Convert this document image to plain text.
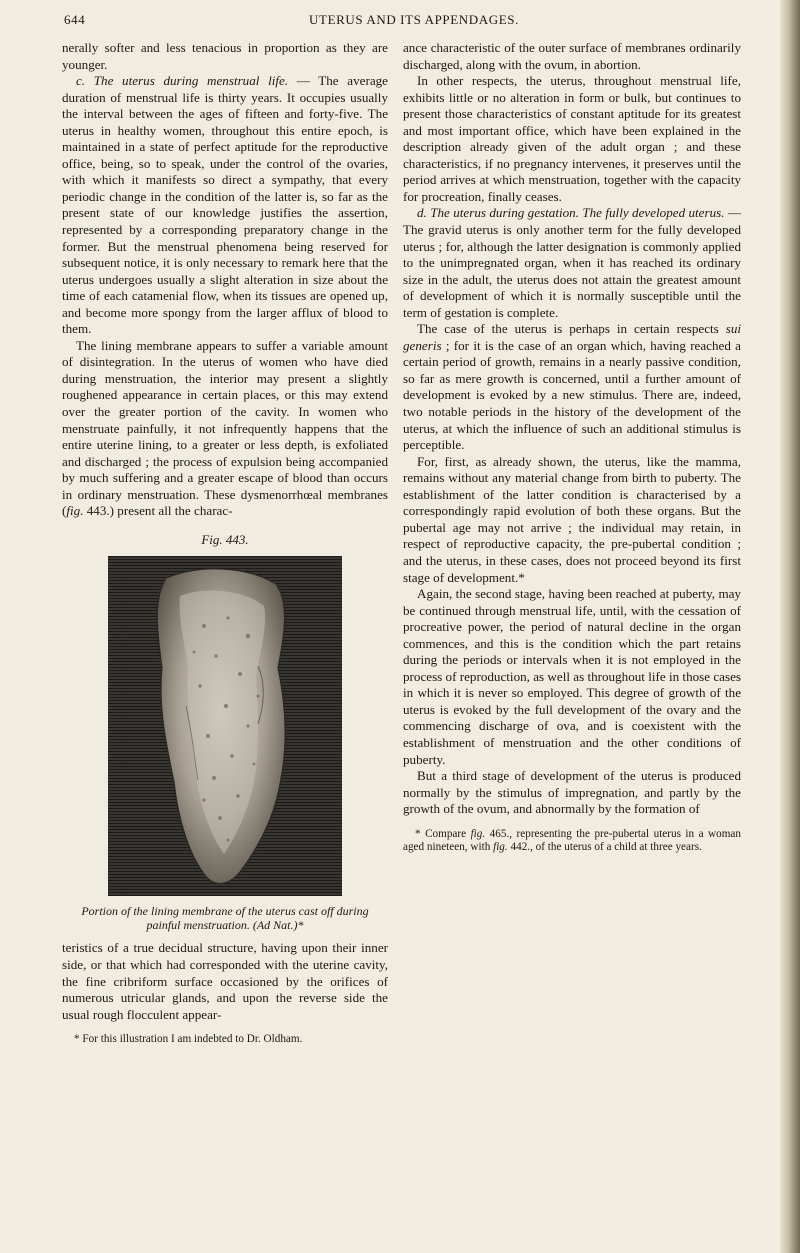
644	UTERUS AND ITS APPENDAGES.

nerally softer and less tenacious in proportion as they are younger.

c. The uterus during menstrual life. — The average duration of menstrual life is thirty years. It occupies usually the interval between the ages of fifteen and forty-five. The uterus in healthy women, throughout this entire epoch, is maintained in a state of perfect aptitude for the reproductive office, being, so to speak, under the control of the ovaries, with which it manifests so direct a sympathy, that every periodic change in the condition of the latter is, so far as the present state of our knowledge justifies the assertion, represented by a corresponding preparatory change in the former. But the menstrual phenomena being reserved for subsequent notice, it is only necessary to remark here that the uterus undergoes usually a slight alteration in size about the time of each catamenial flow, when its tissues are opened up, and become more spongy from the larger afflux of blood to them.

The lining membrane appears to suffer a variable amount of disintegration. In the uterus of women who have died during menstruation, the interior may present a slightly roughened appearance in certain places, or this may extend over the greater portion of the cavity. In women who menstruate painfully, it not infrequently happens that the entire uterine lining, to a greater or less depth, is exfoliated and discharged ; the process of expulsion being accompanied by much suffering and a greater escape of blood than occurs in ordinary menstruation. These dysmenorrhœal membranes (fig. 443.) present all the charac-

Fig. 443.
Portion of the lining membrane of the uterus cast off during painful menstruation. (Ad Nat.)*

teristics of a true decidual structure, having upon their inner side, or that which had corresponded with the uterine cavity, the fine cribriform surface occasioned by the orifices of numerous utricular glands, and upon the reverse side the usual rough flocculent appear-

* For this illustration I am indebted to Dr. Oldham.

ance characteristic of the outer surface of membranes ordinarily discharged, along with the ovum, in abortion.

In other respects, the uterus, throughout menstrual life, exhibits little or no alteration in form or bulk, but continues to present those characteristics of constant aptitude for its greatest and most important office, which have been explained in the description already given of the adult organ ; and these characteristics, if no pregnancy intervenes, it preserves until the period arrives at which menstruation, together with the capacity for procreation, finally ceases.

d. The uterus during gestation. The fully developed uterus. — The gravid uterus is only another term for the fully developed uterus ; for, although the latter designation is commonly applied to the unimpregnated organ, when it has reached its ordinary size in the adult, the uterus does not attain the greatest amount of development of which it is normally susceptible until the term of gestation is complete.

The case of the uterus is perhaps in certain respects sui generis ; for it is the case of an organ which, having reached a certain period of growth, remains in a nearly passive condition, so far as mere growth is concerned, until a further amount of development is evoked by a new stimulus. There are, indeed, two notable periods in the history of the development of the uterus, at which the influence of such an additional stimulus is perceptible.

For, first, as already shown, the uterus, like the mamma, remains without any material change from birth to puberty. The establishment of the latter condition is characterised by a correspondingly rapid evolution of both these organs. But the pubertal age may not arrive ; the individual may retain, in respect of reproductive capacity, the pre-pubertal condition ; and the uterus, in these cases, does not proceed beyond its first stage of development.*

Again, the second stage, having been reached at puberty, may be continued through menstrual life, until, with the cessation of procreative power, the period of natural decline in the organ commences, and this is the condition which the part retains during the periods or intervals when it is not employed in the process of reproduction, as well as throughout life in those cases in which it is never so employed. This degree of growth of the uterus is evoked by the full development of the ovary and the commencing discharge of ova, and is coexistent with the establishment of menstruation and the other conditions of puberty.

But a third stage of development of the uterus is produced normally by the stimulus of impregnation, and partly by the growth of the ovum, and abnormally by the formation of

* Compare fig. 465., representing the pre-pubertal uterus in a woman aged nineteen, with fig. 442., of the uterus of a child at three years.
